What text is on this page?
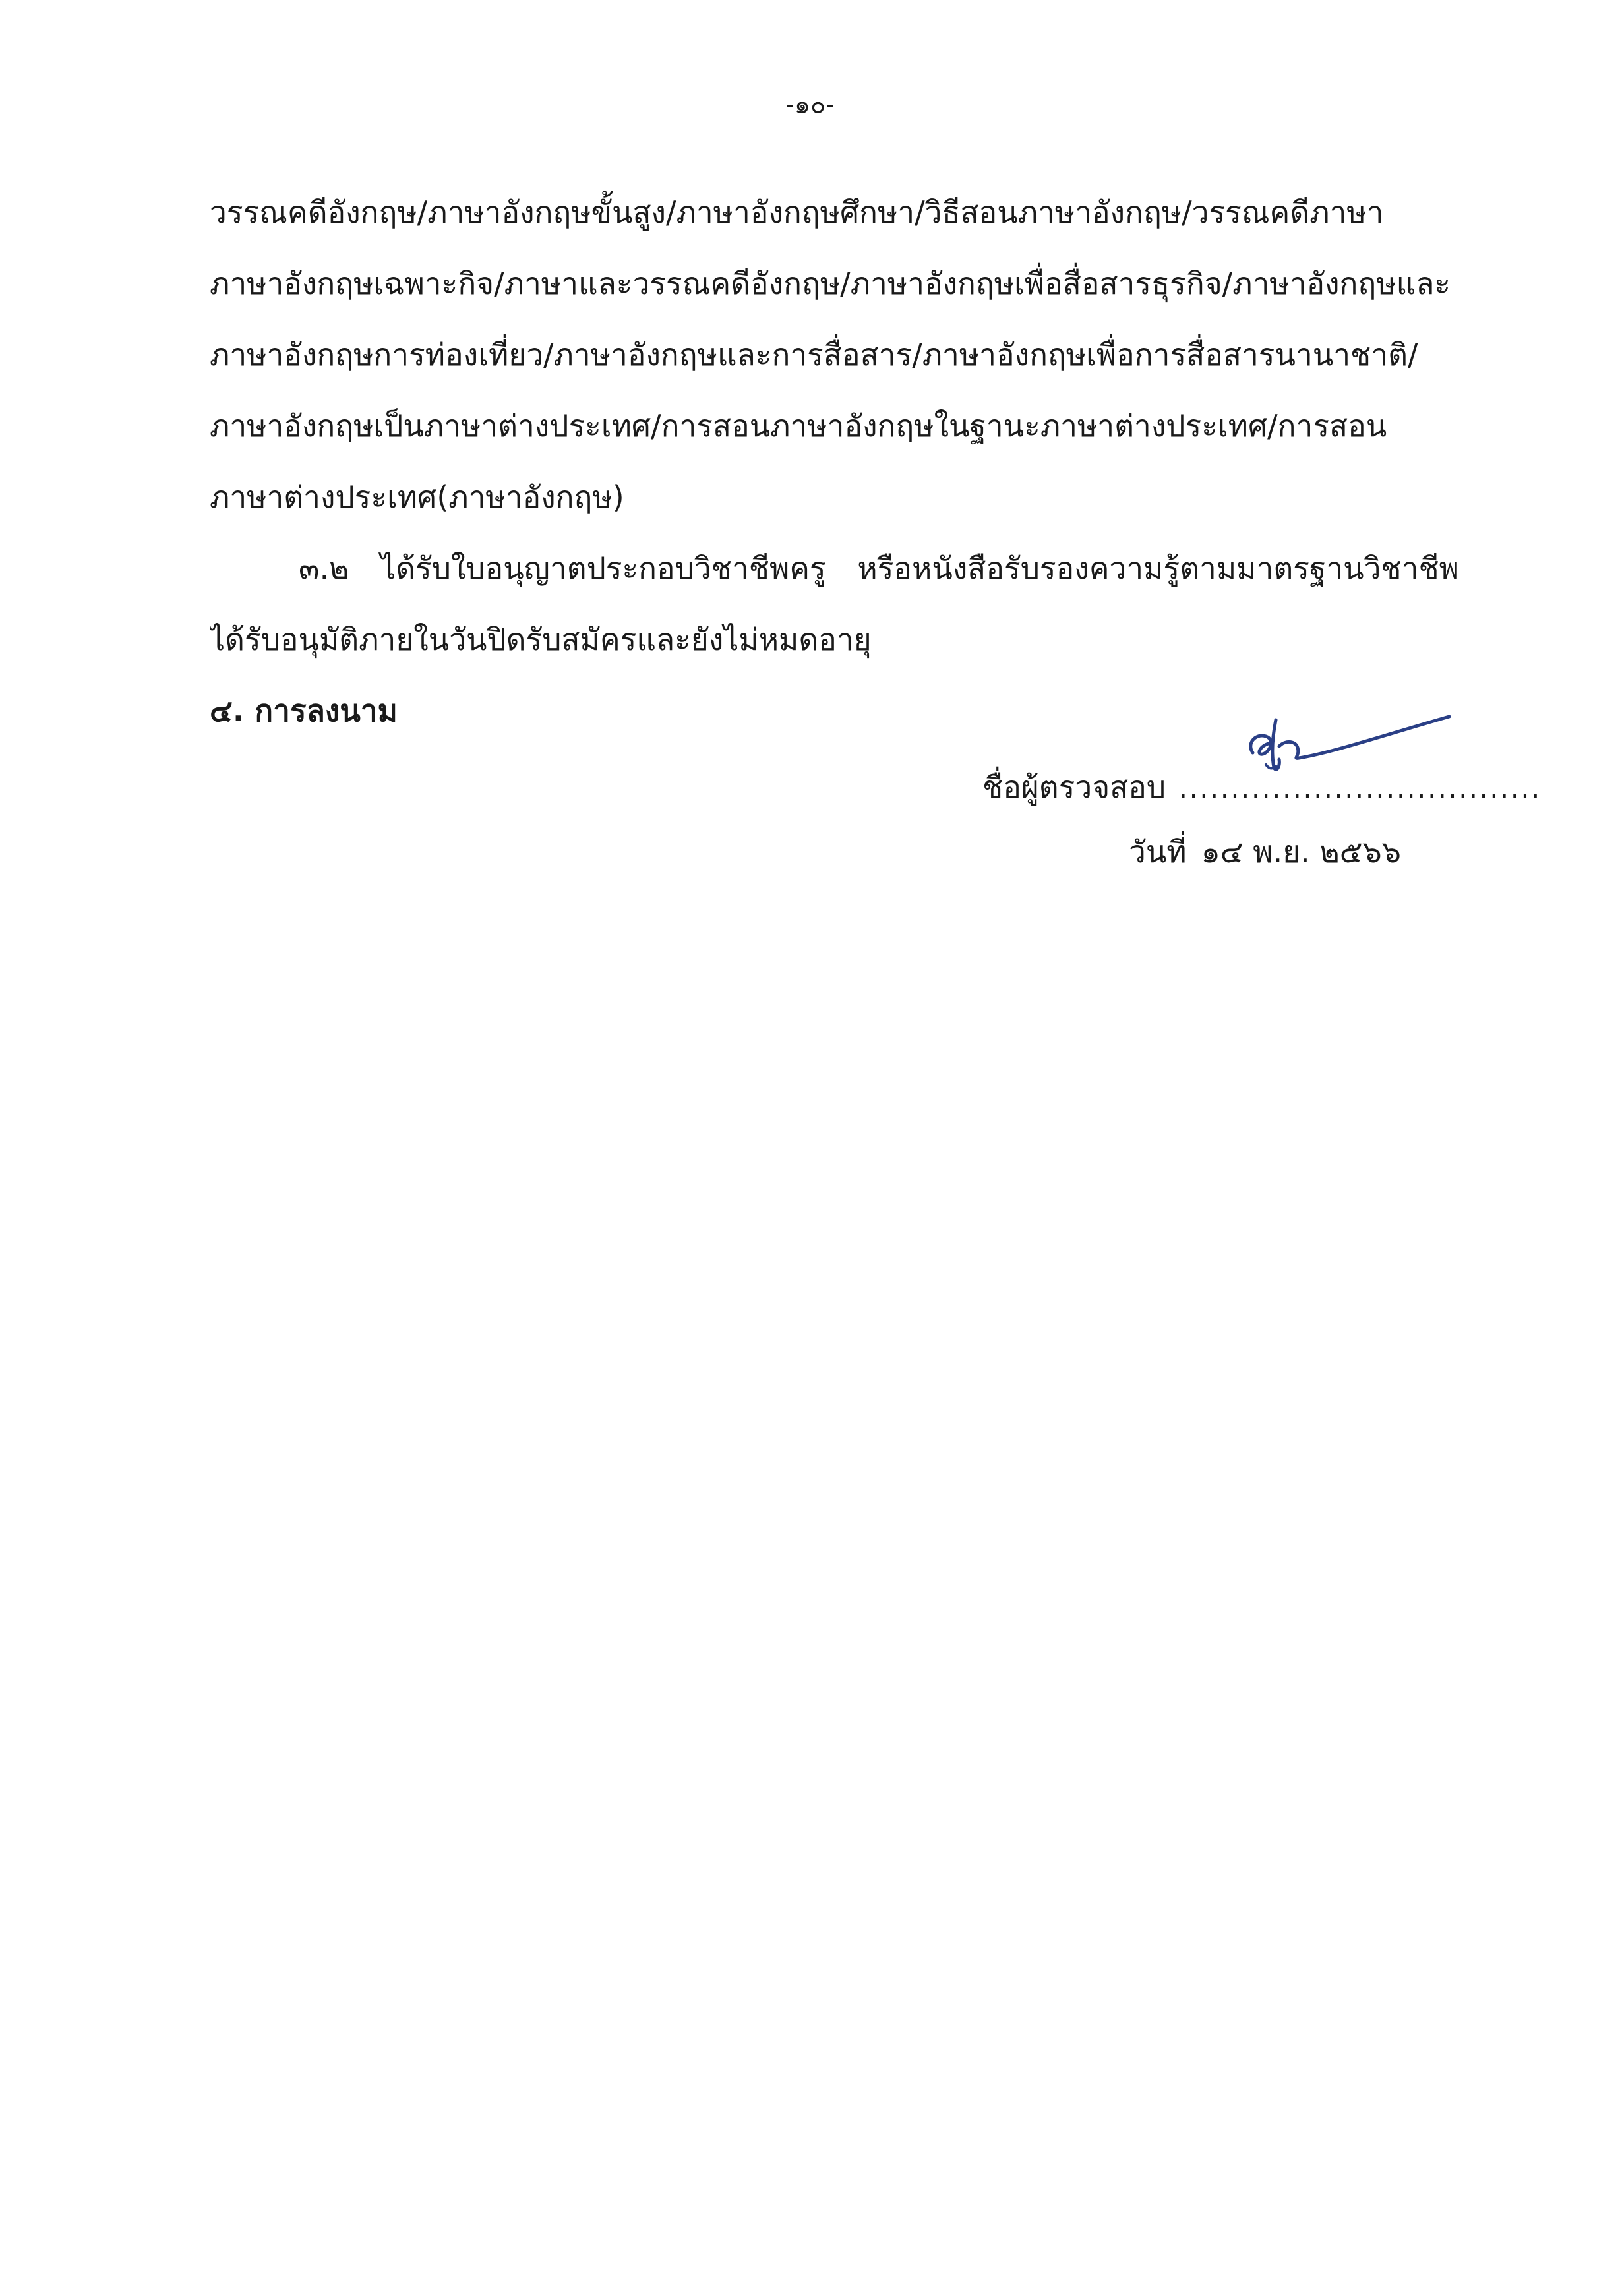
-๑๐-
วรรณคดีอังกฤษ/ภาษาอังกฤษขั้นสูง/ภาษาอังกฤษศึกษา/วิธีสอนภาษาอังกฤษ/วรรณคดีภาษา
ภาษาอังกฤษเฉพาะกิจ/ภาษาและวรรณคดีอังกฤษ/ภาษาอังกฤษเพื่อสื่อสารธุรกิจ/ภาษาอังกฤษและ
ภาษาอังกฤษการท่องเที่ยว/ภาษาอังกฤษและการสื่อสาร/ภาษาอังกฤษเพื่อการสื่อสารนานาชาติ/
ภาษาอังกฤษเป็นภาษาต่างประเทศ/การสอนภาษาอังกฤษในฐานะภาษาต่างประเทศ/การสอน
ภาษาต่างประเทศ(ภาษาอังกฤษ)
๓.๒ ได้รับใบอนุญาตประกอบวิชาชีพครู หรือหนังสือรับรองความรู้ตามมาตรฐานวิชาชีพ
ได้รับอนุมัติภายในวันปิดรับสมัครและยังไม่หมดอายุ
๔. การลงนาม
ชื่อผู้ตรวจสอบ ...................................
วันที่ ๑๔ พ.ย. ๒๕๖๖
